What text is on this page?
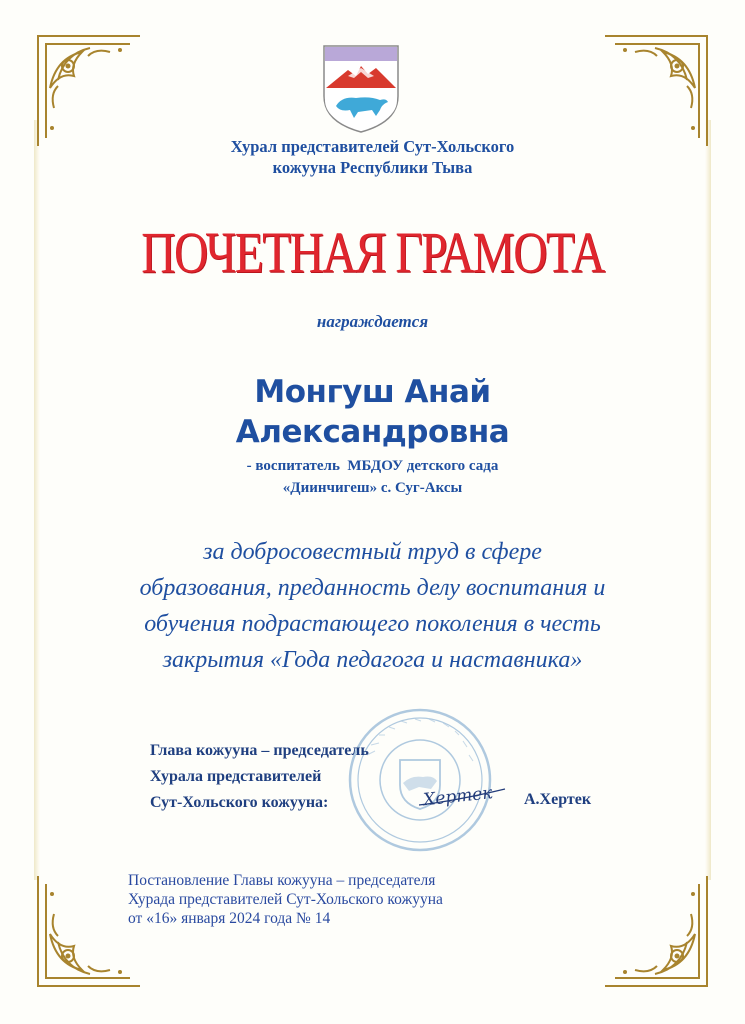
Хурал представителей Сут-Хольского
кожууна Республики Тыва
ПОЧЕТНАЯ ГРАМОТА
награждается
Монгуш Анай
Александровна
- воспитатель  МБДОУ детского сада
«Диинчигеш» с. Суг-Аксы
за добросовестный труд в сфере
образования, преданность делу воспитания и
обучения подрастающего поколения в честь
закрытия «Года педагога и наставника»
Хертек
Глава кожууна – председатель
Хурала представителей
Сут-Хольского кожууна:	А.Хертек
Постановление Главы кожууна – председателя
Хурада представителей Сут-Хольского кожууна
от «16» января 2024 года № 14
